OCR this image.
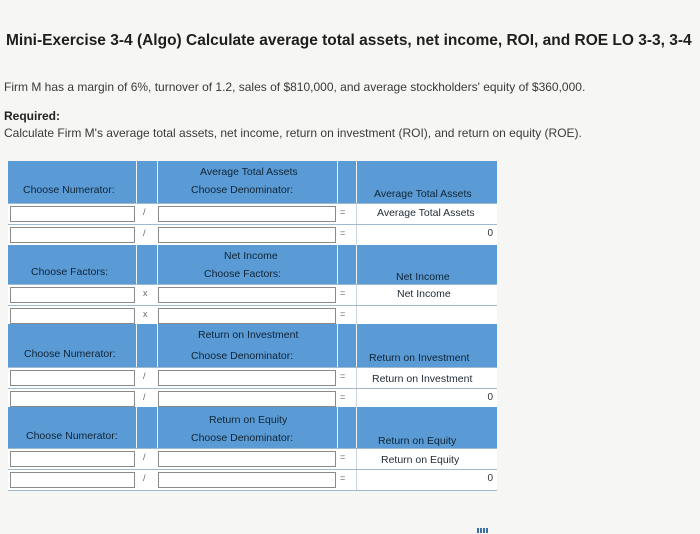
Mini-Exercise 3-4 (Algo) Calculate average total assets, net income, ROI, and ROE LO 3-3, 3-4
Firm M has a margin of 6%, turnover of 1.2, sales of $810,000, and average stockholders' equity of $360,000.
Required:
Calculate Firm M's average total assets, net income, return on investment (ROI), and return on equity (ROE).
Average Total Assets
Choose Numerator:	Choose Denominator:	Average Total Assets
/	=	Average Total Assets
/	=	0
Net Income
Choose Factors:	Choose Factors:	Net Income
x	=	Net Income
x	=
Return on Investment
Choose Numerator:	Choose Denominator:	Return on Investment
/	=	Return on Investment
/	=	0
Return on Equity
Choose Numerator:	Choose Denominator:	Return on Equity
/	=	Return on Equity
/	=	0
